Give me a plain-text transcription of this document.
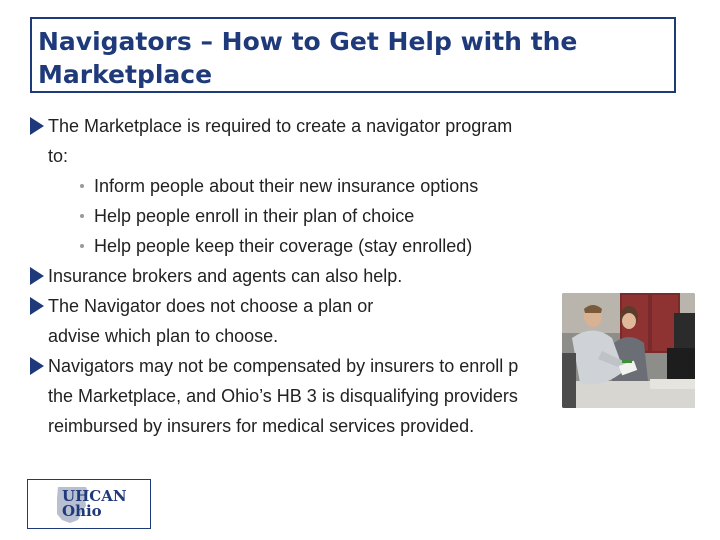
Navigators – How to Get Help with the
Marketplace
The Marketplace is required to create a navigator program
to:
Inform people about their new insurance options
Help people enroll in their plan of choice
Help people keep their coverage (stay enrolled)
Insurance brokers and agents can also help.
The Navigator does not choose a plan or
advise which plan to choose.
Navigators may not be compensated by insurers to enroll p
the Marketplace, and Ohio’s HB 3 is disqualifying providers
reimbursed by insurers for medical services provided.
UHCAN
Ohio
